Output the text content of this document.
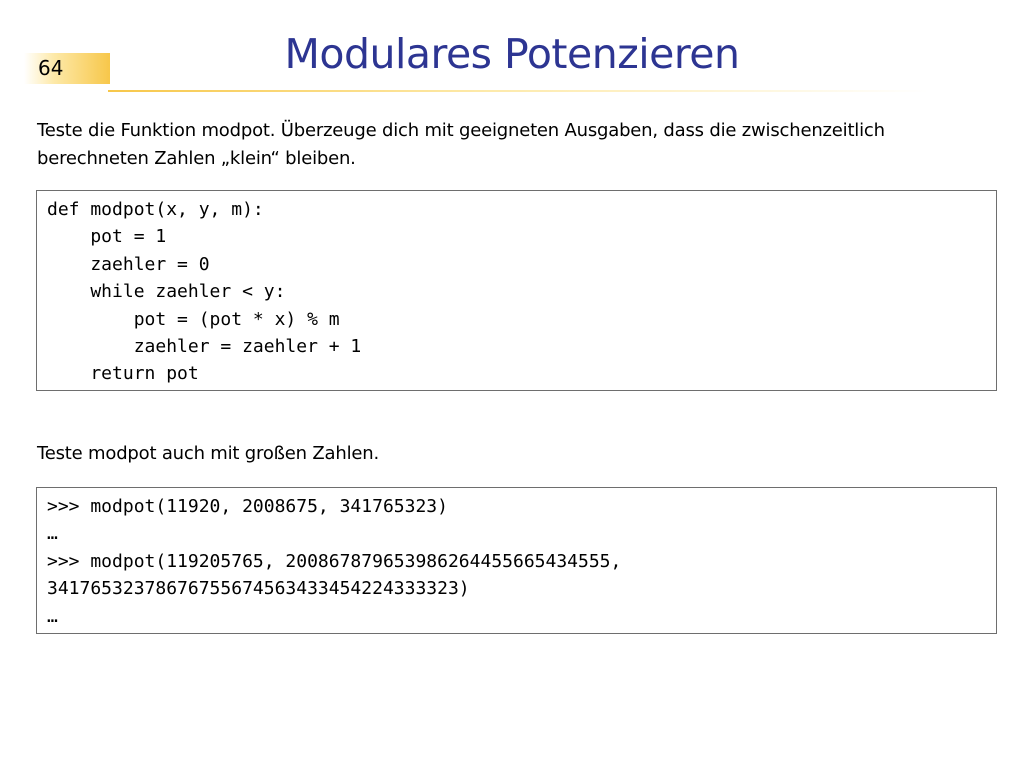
64	Modulares Potenzieren

Teste die Funktion modpot. Überzeuge dich mit geeigneten Ausgaben, dass die zwischenzeitlich berechneten Zahlen „klein“ bleiben.

def modpot(x, y, m):
pot = 1
zaehler = 0
while zaehler < y:
pot = (pot * x) % m
zaehler = zaehler + 1
return pot

Teste modpot auch mit großen Zahlen.

>>> modpot(11920, 2008675, 341765323)
…
>>> modpot(119205765, 20086787965398626445566543455​5,
3417653237867675567456343345422433332​3)
…
